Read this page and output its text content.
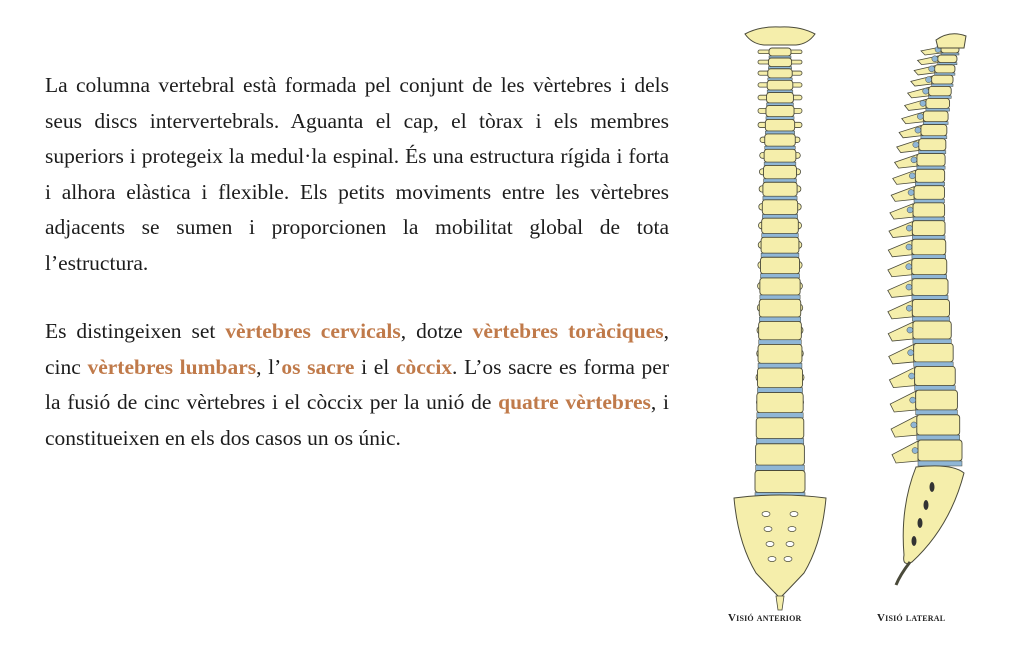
La columna vertebral està formada pel conjunt de les vèrtebres i dels seus discs intervertebrals. Aguanta el cap, el tòrax i els membres superiors i protegeix la medul·la espinal. És una estructura rígida i forta i alhora elàstica i flexible. Els petits moviments entre les vèrtebres adjacents se sumen i proporcionen la mobilitat global de tota l’estructura.

Es distingeixen set vèrtebres cervicals, dotze vèrtebres toràciques, cinc vèrtebres lumbars, l’os sacre i el còccix. L’os sacre es forma per la fusió de cinc vèrtebres i el còccix per la unió de quatre vèrtebres, i constitueixen en els dos casos un os únic.

Visió anterior	Visió lateral
